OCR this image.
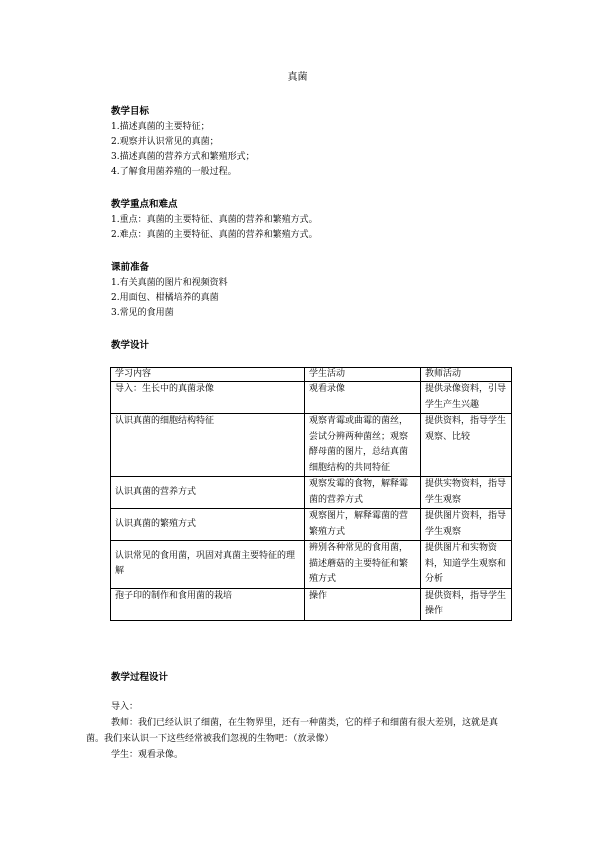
真菌
教学目标
1.描述真菌的主要特征；
2.观察并认识常见的真菌；
3.描述真菌的营养方式和繁殖形式；
4.了解食用菌养殖的一般过程。
教学重点和难点
1.重点：真菌的主要特征、真菌的营养和繁殖方式。
2.难点：真菌的主要特征、真菌的营养和繁殖方式。
课前准备
1.有关真菌的图片和视频资料
2.用面包、柑橘培养的真菌
3.常见的食用菌
教学设计
学习内容	学生活动	教师活动
导入：生长中的真菌录像	观看录像	提供录像资料，引导学生产生兴趣
认识真菌的细胞结构特征	观察青霉或曲霉的菌丝，尝试分辨两种菌丝；观察酵母菌的图片，总结真菌细胞结构的共同特征	提供资料，指导学生观察、比较
认识真菌的营养方式	观察发霉的食物，解释霉菌的营养方式	提供实物资料，指导学生观察
认识真菌的繁殖方式	观察图片，解释霉菌的营繁殖方式	提供图片资料，指导学生观察
认识常见的食用菌，巩固对真菌主要特征的理解	辨别各种常见的食用菌，描述蘑菇的主要特征和繁殖方式	提供图片和实物资料，知道学生观察和分析
孢子印的制作和食用菌的栽培	操作	提供资料，指导学生操作
教学过程设计
导入：
教师：我们已经认识了细菌，在生物界里，还有一种菌类，它的样子和细菌有很大差别，这就是真菌。我们来认识一下这些经常被我们忽视的生物吧：（放录像）
学生：观看录像。
